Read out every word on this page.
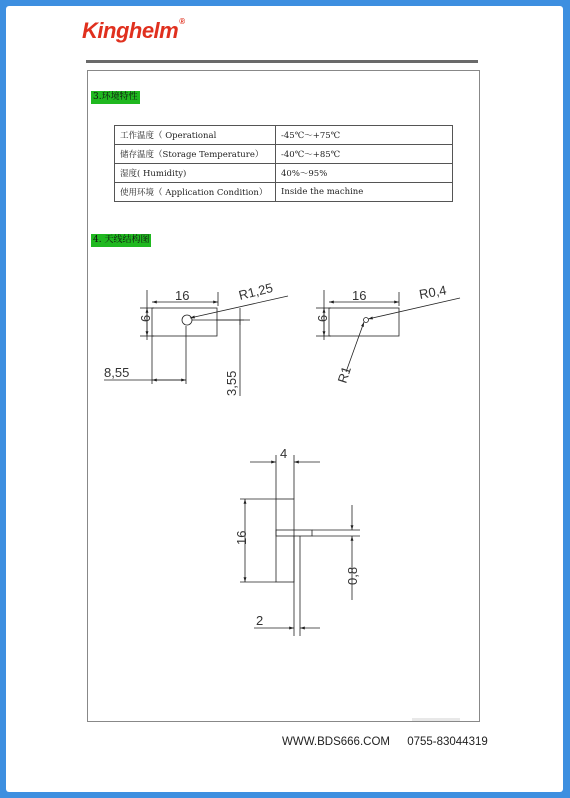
Kinghelm®
3.环境特性
工作温度（ Operational	-45℃～+75℃
储存温度（Storage Temperature）	-40℃～+85℃
湿度( Humidity)	40%～95%
使用环境（ Application Condition）	Inside the machine
4. 天线结构图
16
6
R1,25
8,55	3,55
16
6
R0,4
R1
4
16
0,8
2
WWW.BDS666.COM 0755-83044319
